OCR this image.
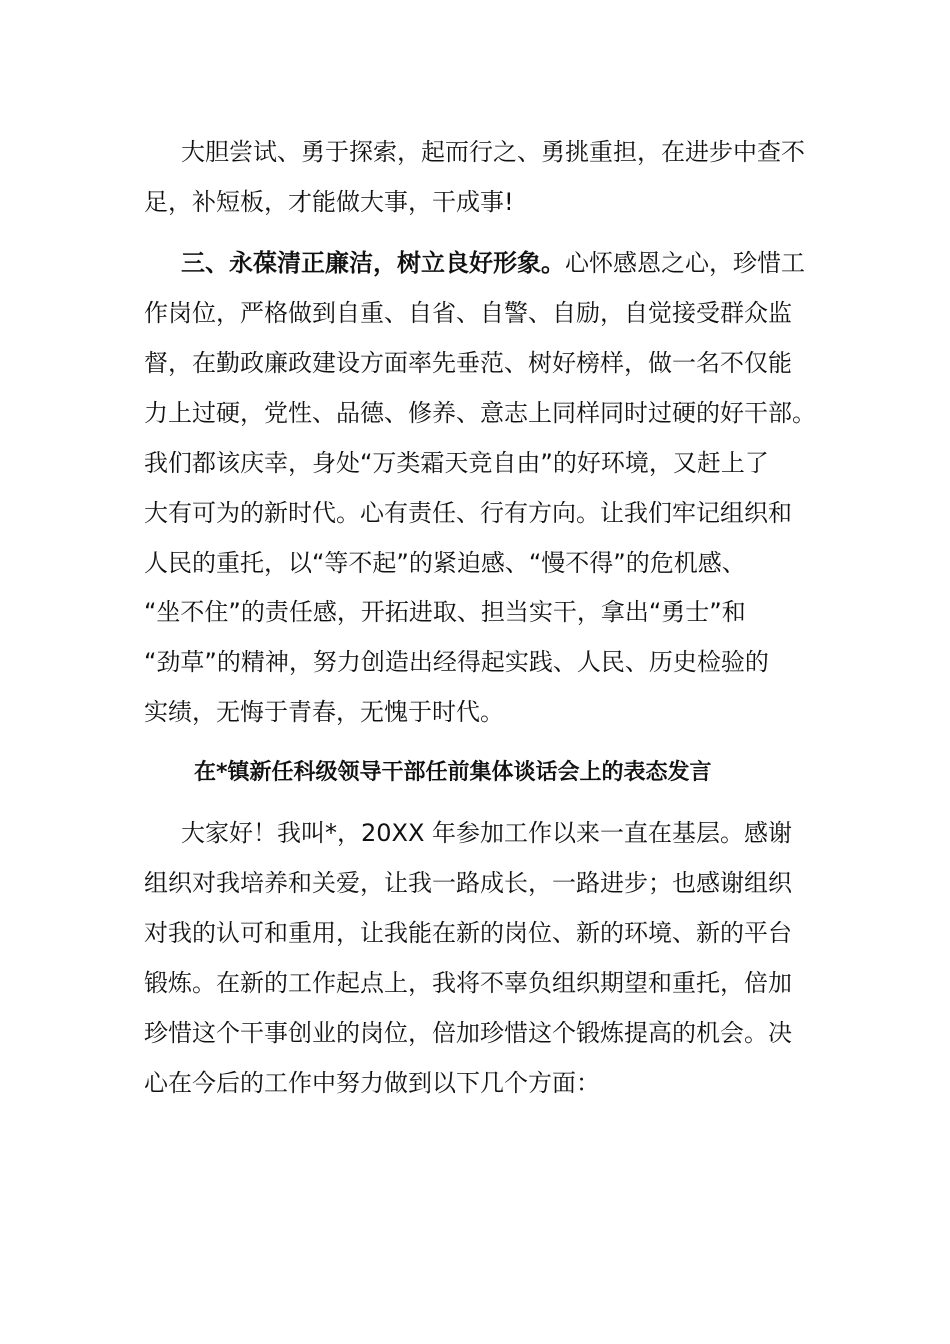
大胆尝试、勇于探索，起而行之、勇挑重担，在进步中查不
足，补短板，才能做大事，干成事!
三、永葆清正廉洁，树立良好形象。心怀感恩之心，珍惜工
作岗位，严格做到自重、自省、自警、自励，自觉接受群众监
督，在勤政廉政建设方面率先垂范、树好榜样，做一名不仅能
力上过硬，党性、品德、修养、意志上同样同时过硬的好干部。
我们都该庆幸，身处“万类霜天竞自由”的好环境，又赶上了
大有可为的新时代。心有责任、行有方向。让我们牢记组织和
人民的重托，以“等不起”的紧迫感、“慢不得”的危机感、
“坐不住”的责任感，开拓进取、担当实干，拿出“勇士”和
“劲草”的精神，努力创造出经得起实践、人民、历史检验的
实绩，无悔于青春，无愧于时代。
在*镇新任科级领导干部任前集体谈话会上的表态发言
大家好！我叫*，20XX 年参加工作以来一直在基层。感谢
组织对我培养和关爱，让我一路成长，一路进步；也感谢组织
对我的认可和重用，让我能在新的岗位、新的环境、新的平台
锻炼。在新的工作起点上，我将不辜负组织期望和重托，倍加
珍惜这个干事创业的岗位，倍加珍惜这个锻炼提高的机会。决
心在今后的工作中努力做到以下几个方面：
